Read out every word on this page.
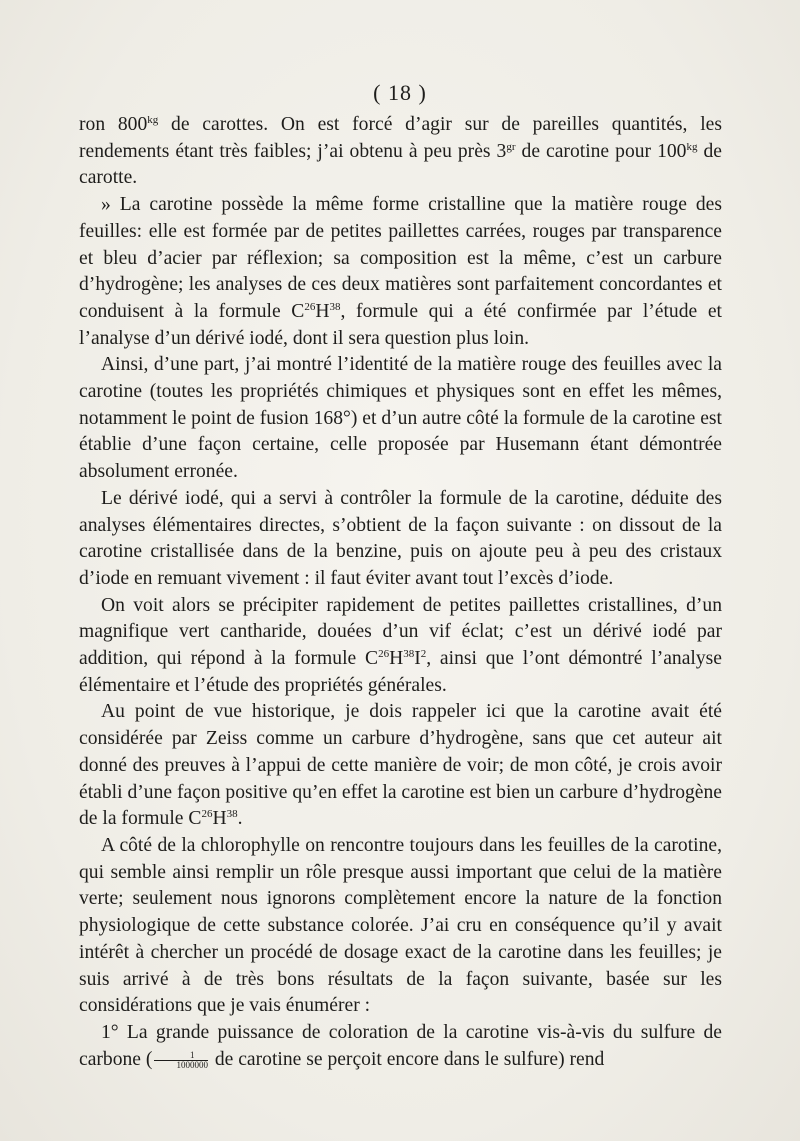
( 18 )

ron $800^{kg}$ de carottes. On est forcé d’agir sur de pareilles quantités, les rendements étant très faibles; j’ai obtenu à peu près $3^{gr}$ de carotine pour $100^{kg}$ de carotte.

» La carotine possède la même forme cristalline que la matière rouge des feuilles: elle est formée par de petites paillettes carrées, rouges par transparence et bleu d’acier par réflexion; sa composition est la même, c’est un carbure d’hydrogène; les analyses de ces deux matières sont parfaitement concordantes et conduisent à la formule $C^{26}H^{38}$, formule qui a été confirmée par l’étude et l’analyse d’un dérivé iodé, dont il sera question plus loin.

Ainsi, d’une part, j’ai montré l’identité de la matière rouge des feuilles avec la carotine (toutes les propriétés chimiques et physiques sont en effet les mêmes, notamment le point de fusion 168°) et d’un autre côté la formule de la carotine est établie d’une façon certaine, celle proposée par Husemann étant démontrée absolument erronée.

Le dérivé iodé, qui a servi à contrôler la formule de la carotine, déduite des analyses élémentaires directes, s’obtient de la façon suivante : on dissout de la carotine cristallisée dans de la benzine, puis on ajoute peu à peu des cristaux d’iode en remuant vivement : il faut éviter avant tout l’excès d’iode.

On voit alors se précipiter rapidement de petites paillettes cristallines, d’un magnifique vert cantharide, douées d’un vif éclat; c’est un dérivé iodé par addition, qui répond à la formule $C^{26}H^{38}I^2$, ainsi que l’ont démontré l’analyse élémentaire et l’étude des propriétés générales.

Au point de vue historique, je dois rappeler ici que la carotine avait été considérée par Zeiss comme un carbure d’hydrogène, sans que cet auteur ait donné des preuves à l’appui de cette manière de voir; de mon côté, je crois avoir établi d’une façon positive qu’en effet la carotine est bien un carbure d’hydrogène de la formule $C^{26}H^{38}$.

A côté de la chlorophylle on rencontre toujours dans les feuilles de la carotine, qui semble ainsi remplir un rôle presque aussi important que celui de la matière verte; seulement nous ignorons complètement encore la nature de la fonction physiologique de cette substance colorée. J’ai cru en conséquence qu’il y avait intérêt à chercher un procédé de dosage exact de la carotine dans les feuilles; je suis arrivé à de très bons résultats de la façon suivante, basée sur les considérations que je vais énumérer :

1° La grande puissance de coloration de la carotine vis-à-vis du sulfure de carbone ( $\frac{1}{1000000}$ de carotine se perçoit encore dans le sulfure) rend
